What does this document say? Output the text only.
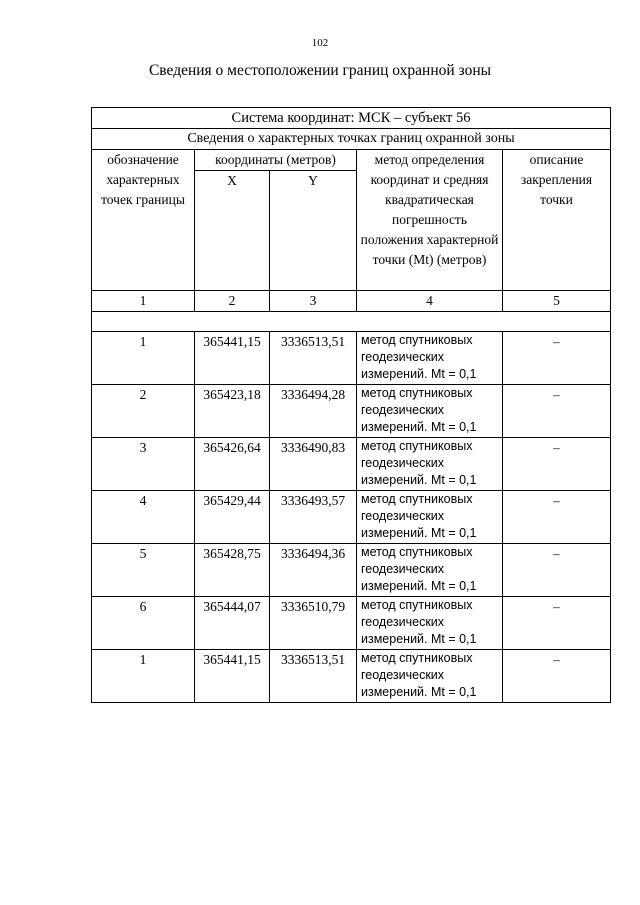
102
Сведения о местоположении границ охранной зоны
Система координат: МСК – субъект 56				
Сведения о характерных точках границ охранной зоны				
обозначение характерных точек границы	координаты (метров)		метод определения координат и средняя квадратическая погрешность положения характерной точки (Mt) (метров)	описание закрепления точки
	X	Y		
1	2	3	4	5

1	365441,15	3336513,51	метод спутниковых геодезических измерений. Mt = 0,1	–
2	365423,18	3336494,28	метод спутниковых геодезических измерений. Mt = 0,1	–
3	365426,64	3336490,83	метод спутниковых геодезических измерений. Mt = 0,1	–
4	365429,44	3336493,57	метод спутниковых геодезических измерений. Mt = 0,1	–
5	365428,75	3336494,36	метод спутниковых геодезических измерений. Mt = 0,1	–
6	365444,07	3336510,79	метод спутниковых геодезических измерений. Mt = 0,1	–
1	365441,15	3336513,51	метод спутниковых геодезических измерений. Mt = 0,1	–
